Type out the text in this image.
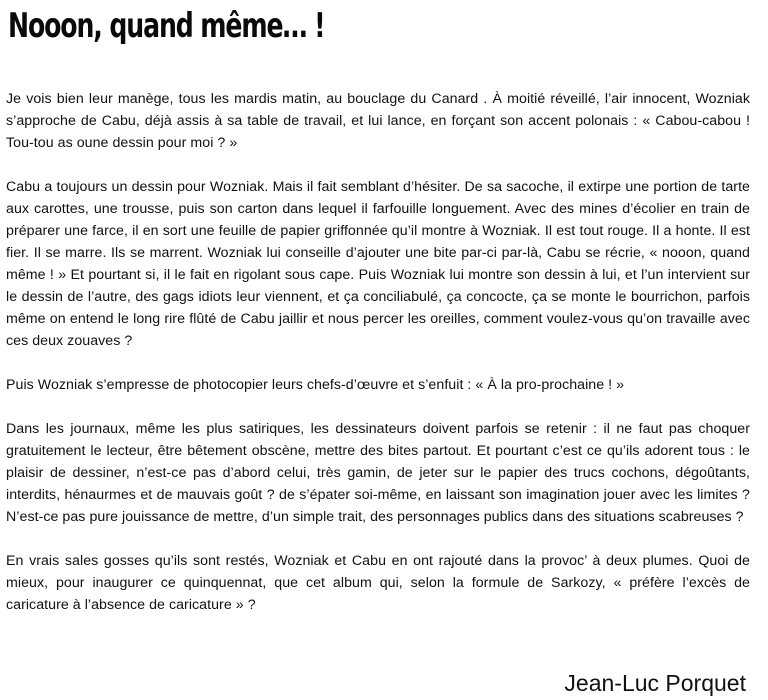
Nooon, quand même… !

Je vois bien leur manège, tous les mardis matin, au bouclage du Canard . À moitié réveillé, l’air innocent, Wozniak s’approche de Cabu, déjà assis à sa table de travail, et lui lance, en forçant son accent polonais : « Cabou-cabou ! Tou-tou as oune dessin pour moi ? »

Cabu a toujours un dessin pour Wozniak. Mais il fait semblant d’hésiter. De sa sacoche, il extirpe une portion de tarte aux carottes, une trousse, puis son carton dans lequel il farfouille longuement. Avec des mines d’écolier en train de préparer une farce, il en sort une feuille de papier griffonnée qu’il montre à Wozniak. Il est tout rouge. Il a honte. Il est fier. Il se marre. Ils se marrent. Wozniak lui conseille d’ajouter une bite par-ci par-là, Cabu se récrie, « nooon, quand même ! » Et pourtant si, il le fait en rigolant sous cape. Puis Wozniak lui montre son dessin à lui, et l’un intervient sur le dessin de l’autre, des gags idiots leur viennent, et ça conciliabulé, ça concocte, ça se monte le bourrichon, parfois même on entend le long rire flûté de Cabu jaillir et nous percer les oreilles, comment voulez-vous qu’on travaille avec ces deux zouaves ?

Puis Wozniak s’empresse de photocopier leurs chefs-d’œuvre et s’enfuit : « À la pro-prochaine ! »

Dans les journaux, même les plus satiriques, les dessinateurs doivent parfois se retenir : il ne faut pas choquer gratuitement le lecteur, être bêtement obscène, mettre des bites partout. Et pourtant c’est ce qu’ils adorent tous : le plaisir de dessiner, n’est-ce pas d’abord celui, très gamin, de jeter sur le papier des trucs cochons, dégoûtants, interdits, hénaurmes et de mauvais goût ? de s’épater soi-même, en laissant son imagination jouer avec les limites ? N’est-ce pas pure jouissance de mettre, d’un simple trait, des personnages publics dans des situations scabreuses ?

En vrais sales gosses qu’ils sont restés, Wozniak et Cabu en ont rajouté dans la provoc’ à deux plumes. Quoi de mieux, pour inaugurer ce quinquennat, que cet album qui, selon la formule de Sarkozy, « préfère l’excès de caricature à l’absence de caricature » ?

Jean-Luc Porquet
